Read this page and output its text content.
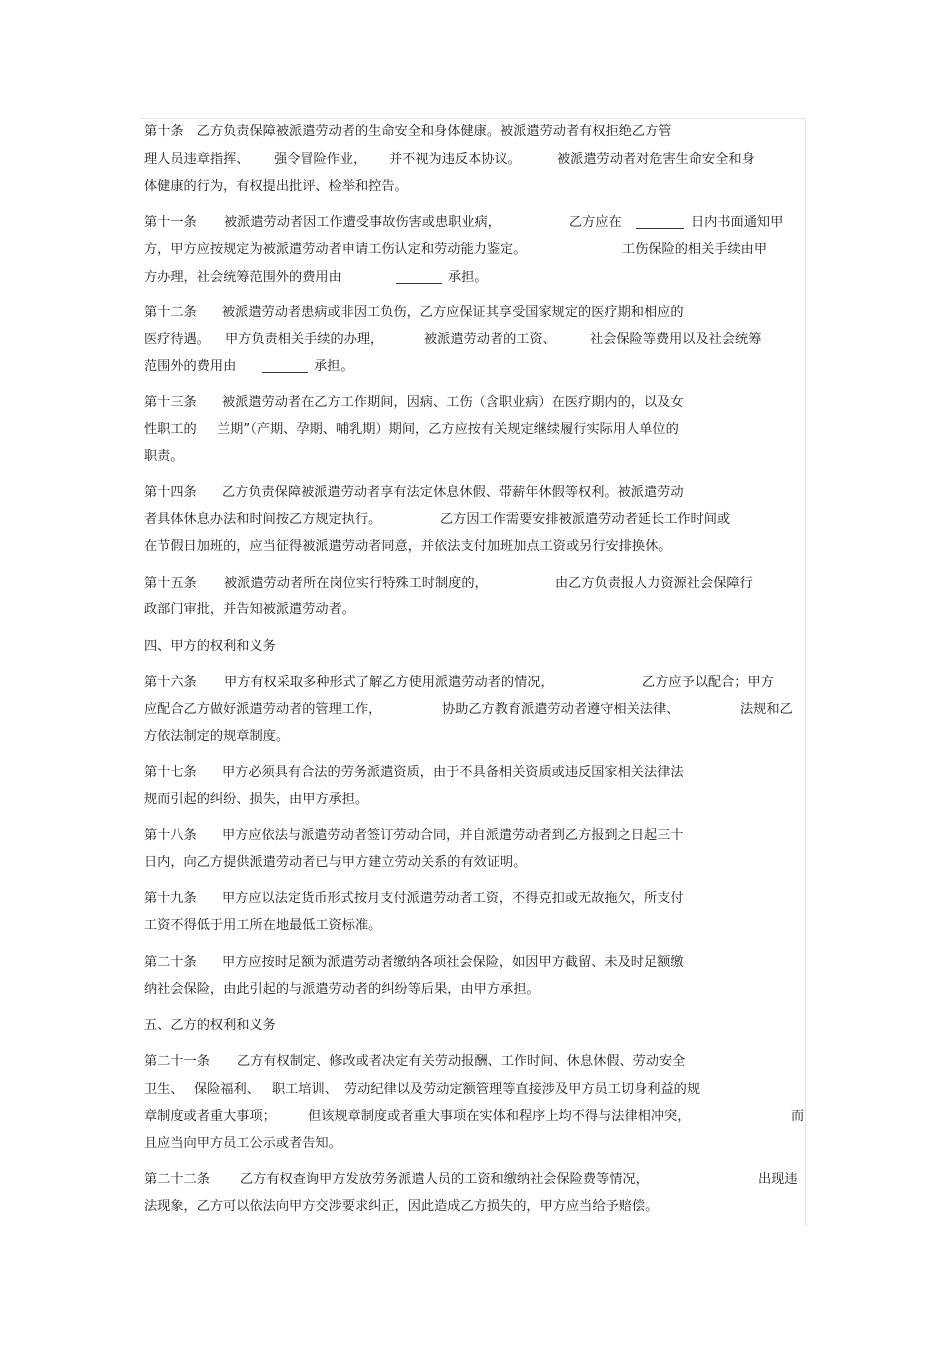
第十条　乙方负责保障被派遣劳动者的生命安全和身体健康。被派遣劳动者有权拒绝乙方管
理人员违章指挥、 强令冒险作业， 并不视为违反本协议。	被派遣劳动者对危害生命安全和身
体健康的行为，有权提出批评、检举和控告。
第十一条 被派遣劳动者因工作遭受事故伤害或患职业病，	乙方应在	日内书面通知甲
方，甲方应按规定为被派遣劳动者申请工伤认定和劳动能力鉴定。	工伤保险的相关手续由甲
方办理，社会统筹范围外的费用由	承担。
第十二条 被派遣劳动者患病或非因工负伤，乙方应保证其享受国家规定的医疗期和相应的
医疗待遇。 甲方负责相关手续的办理，	被派遣劳动者的工资、	社会保险等费用以及社会统筹
范围外的费用由	承担。
第十三条 被派遣劳动者在乙方工作期间，因病、工伤（含职业病）在医疗期内的，以及女
性职工的 兰期”（产期、孕期、哺乳期）期间，乙方应按有关规定继续履行实际用人单位的
职责。
第十四条 乙方负责保障被派遣劳动者享有法定休息休假、带薪年休假等权利。被派遣劳动
者具体休息办法和时间按乙方规定执行。	乙方因工作需要安排被派遣劳动者延长工作时间或
在节假日加班的，应当征得被派遣劳动者同意，并依法支付加班加点工资或另行安排换休。
第十五条 被派遣劳动者所在岗位实行特殊工时制度的，	由乙方负责报人力资源社会保障行
政部门审批，并告知被派遣劳动者。
四、甲方的权利和义务
第十六条 甲方有权采取多种形式了解乙方使用派遣劳动者的情况，	乙方应予以配合；甲方
应配合乙方做好派遣劳动者的管理工作，	协助乙方教育派遣劳动者遵守相关法律、	法规和乙
方依法制定的规章制度。
第十七条 甲方必须具有合法的劳务派遣资质，由于不具备相关资质或违反国家相关法律法
规而引起的纠纷、损失，由甲方承担。
第十八条 甲方应依法与派遣劳动者签订劳动合同，并自派遣劳动者到乙方报到之日起三十
日内，向乙方提供派遣劳动者已与甲方建立劳动关系的有效证明。
第十九条 甲方应以法定货币形式按月支付派遣劳动者工资，不得克扣或无故拖欠，所支付
工资不得低于用工所在地最低工资标准。
第二十条 甲方应按时足额为派遣劳动者缴纳各项社会保险，如因甲方截留、未及时足额缴
纳社会保险，由此引起的与派遣劳动者的纠纷等后果，由甲方承担。
五、乙方的权利和义务
第二十一条 乙方有权制定、修改或者决定有关劳动报酬、工作时间、休息休假、劳动安全
卫生、 保险福利、 职工培训、 劳动纪律以及劳动定额管理等直接涉及甲方员工切身利益的规
章制度或者重大事项； 但该规章制度或者重大事项在实体和程序上均不得与法律相冲突，	而
且应当向甲方员工公示或者告知。
第二十二条 乙方有权查询甲方发放劳务派遣人员的工资和缴纳社会保险费等情况，	出现违
法现象，乙方可以依法向甲方交涉要求纠正，因此造成乙方损失的，甲方应当给予赔偿。
